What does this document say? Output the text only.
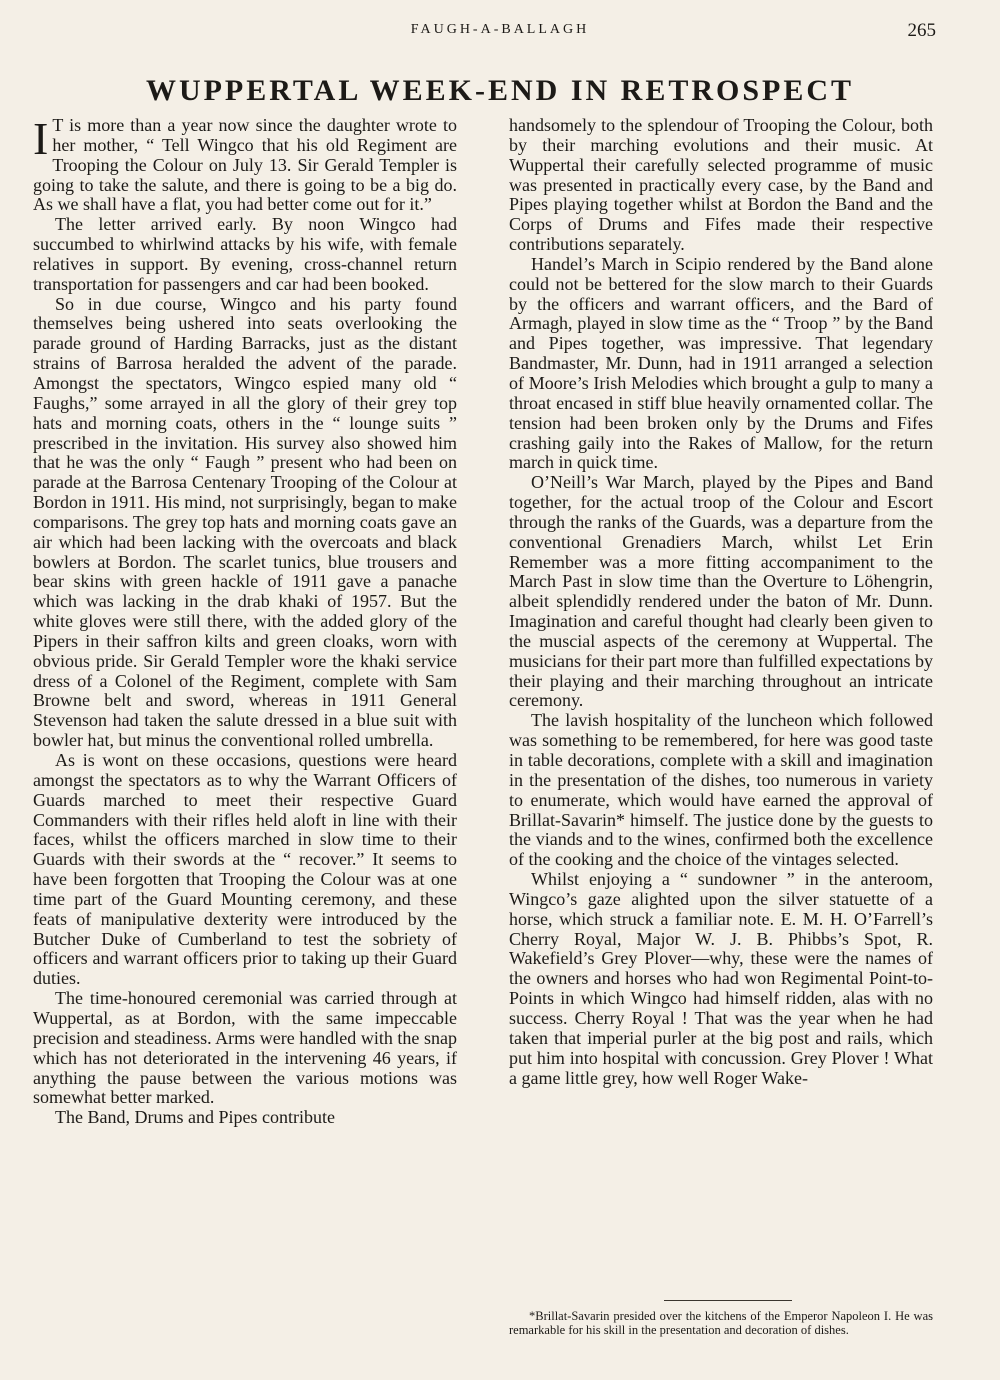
FAUGH-A-BALLAGH	265
WUPPERTAL WEEK-END IN RETROSPECT

I T is more than a year now since the daughter wrote to her mother, “ Tell Wingco that his old Regiment are Trooping the Colour on July 13. Sir Gerald Templer is going to take the salute, and there is going to be a big do. As we shall have a flat, you had better come out for it.”

The letter arrived early. By noon Wingco had succumbed to whirlwind attacks by his wife, with female relatives in support. By evening, cross-channel return transportation for passengers and car had been booked.

So in due course, Wingco and his party found themselves being ushered into seats overlooking the parade ground of Harding Barracks, just as the distant strains of Barrosa heralded the advent of the parade. Amongst the spectators, Wingco espied many old “ Faughs,” some arrayed in all the glory of their grey top hats and morning coats, others in the “ lounge suits ” prescribed in the invitation. His survey also showed him that he was the only “ Faugh ” present who had been on parade at the Barrosa Centenary Trooping of the Colour at Bordon in 1911. His mind, not surprisingly, began to make comparisons. The grey top hats and morning coats gave an air which had been lacking with the overcoats and black bowlers at Bordon. The scarlet tunics, blue trousers and bear skins with green hackle of 1911 gave a panache which was lacking in the drab khaki of 1957. But the white gloves were still there, with the added glory of the Pipers in their saffron kilts and green cloaks, worn with obvious pride. Sir Gerald Templer wore the khaki service dress of a Colonel of the Regiment, complete with Sam Browne belt and sword, whereas in 1911 General Stevenson had taken the salute dressed in a blue suit with bowler hat, but minus the conventional rolled umbrella.

As is wont on these occasions, questions were heard amongst the spectators as to why the Warrant Officers of Guards marched to meet their respective Guard Commanders with their rifles held aloft in line with their faces, whilst the officers marched in slow time to their Guards with their swords at the “ recover.” It seems to have been forgotten that Trooping the Colour was at one time part of the Guard Mounting ceremony, and these feats of manipulative dexterity were introduced by the Butcher Duke of Cumberland to test the sobriety of officers and warrant officers prior to taking up their Guard duties.

The time-honoured ceremonial was carried through at Wuppertal, as at Bordon, with the same impeccable precision and steadiness. Arms were handled with the snap which has not deteriorated in the intervening 46 years, if anything the pause between the various motions was somewhat better marked.

The Band, Drums and Pipes contribute

handsomely to the splendour of Trooping the Colour, both by their marching evolutions and their music. At Wuppertal their carefully selected programme of music was presented in practically every case, by the Band and Pipes playing together whilst at Bordon the Band and the Corps of Drums and Fifes made their respective contributions separately.

Handel’s March in Scipio rendered by the Band alone could not be bettered for the slow march to their Guards by the officers and warrant officers, and the Bard of Armagh, played in slow time as the “ Troop ” by the Band and Pipes together, was impressive. That legendary Bandmaster, Mr. Dunn, had in 1911 arranged a selection of Moore’s Irish Melodies which brought a gulp to many a throat encased in stiff blue heavily ornamented collar. The tension had been broken only by the Drums and Fifes crashing gaily into the Rakes of Mallow, for the return march in quick time.

O’Neill’s War March, played by the Pipes and Band together, for the actual troop of the Colour and Escort through the ranks of the Guards, was a departure from the conventional Grenadiers March, whilst Let Erin Remember was a more fitting accompaniment to the March Past in slow time than the Overture to Löhengrin, albeit splendidly rendered under the baton of Mr. Dunn. Imagination and careful thought had clearly been given to the muscial aspects of the ceremony at Wuppertal. The musicians for their part more than fulfilled expectations by their playing and their marching throughout an intricate ceremony.

The lavish hospitality of the luncheon which followed was something to be remembered, for here was good taste in table decorations, complete with a skill and imagination in the presentation of the dishes, too numerous in variety to enumerate, which would have earned the approval of Brillat-Savarin* himself. The justice done by the guests to the viands and to the wines, confirmed both the excellence of the cooking and the choice of the vintages selected.

Whilst enjoying a “ sundowner ” in the anteroom, Wingco’s gaze alighted upon the silver statuette of a horse, which struck a familiar note. E. M. H. O’Farrell’s Cherry Royal, Major W. J. B. Phibbs’s Spot, R. Wakefield’s Grey Plover—why, these were the names of the owners and horses who had won Regimental Point-to-Points in which Wingco had himself ridden, alas with no success. Cherry Royal ! That was the year when he had taken that imperial purler at the big post and rails, which put him into hospital with concussion. Grey Plover ! What a game little grey, how well Roger Wake-

*Brillat-Savarin presided over the kitchens of the Emperor Napoleon I. He was remarkable for his skill in the presentation and decoration of dishes.
